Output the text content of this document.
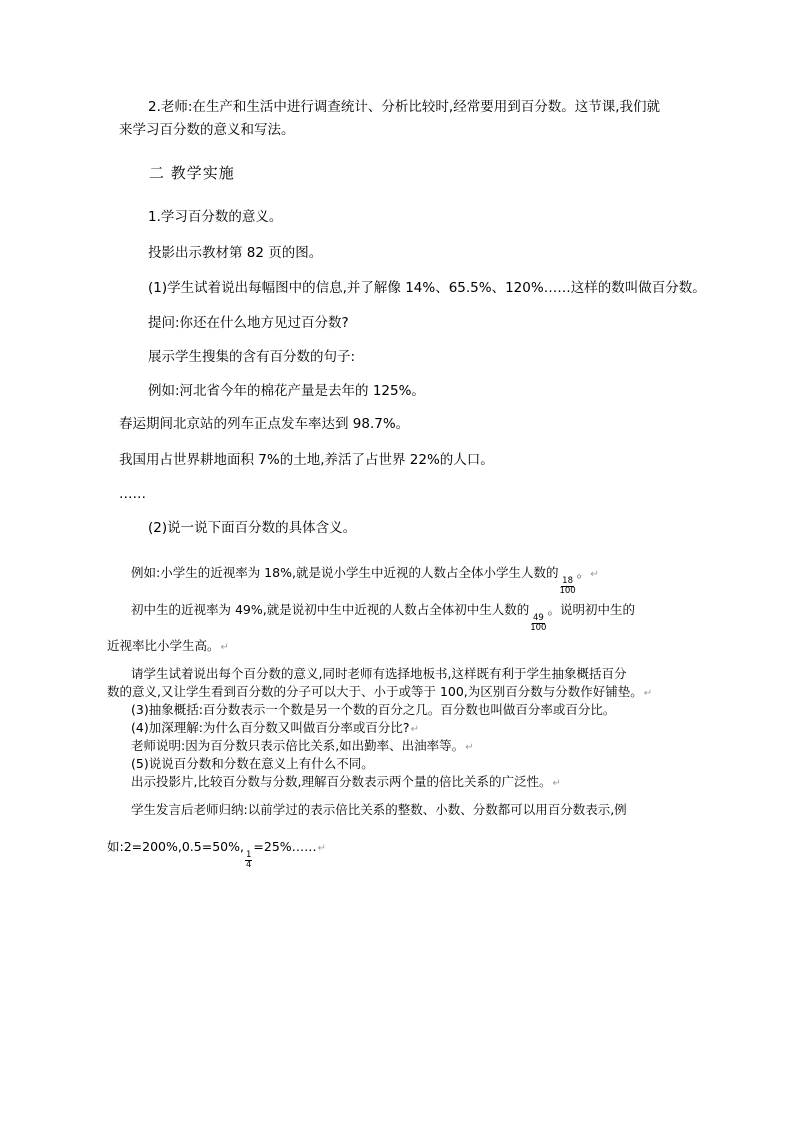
2.老师:在生产和生活中进行调查统计、分析比较时,经常要用到百分数。这节课,我们就
来学习百分数的意义和写法。
二 教学实施
1.学习百分数的意义。
投影出示教材第 82 页的图。
(1)学生试着说出每幅图中的信息,并了解像 14%、65.5%、120%……这样的数叫做百分数。
提问:你还在什么地方见过百分数?
展示学生搜集的含有百分数的句子:
例如:河北省今年的棉花产量是去年的 125%。
春运期间北京站的列车正点发车率达到 98.7%。
我国用占世界耕地面积 7%的土地,养活了占世界 22%的人口。
……
(2)说一说下面百分数的具体含义。
例如:小学生的近视率为 18%,就是说小学生中近视的人数占全体小学生人数的
$\frac{18}{100}$
。↵
初中生的近视率为 49%,就是说初中生中近视的人数占全体初中生人数的
$\frac{49}{100}$
。说明初中生的
近视率比小学生高。↵
请学生试着说出每个百分数的意义,同时老师有选择地板书,这样既有利于学生抽象概括百分
数的意义,又让学生看到百分数的分子可以大于、小于或等于 100,为区别百分数与分数作好铺垫。↵
(3)抽象概括:百分数表示一个数是另一个数的百分之几。百分数也叫做百分率或百分比。
(4)加深理解:为什么百分数又叫做百分率或百分比?↵
老师说明:因为百分数只表示倍比关系,如出勤率、出油率等。↵
(5)说说百分数和分数在意义上有什么不同。
出示投影片,比较百分数与分数,理解百分数表示两个量的倍比关系的广泛性。↵
学生发言后老师归纳:以前学过的表示倍比关系的整数、小数、分数都可以用百分数表示,例
如:2=200%,0.5=50%,
$\frac{1}{4}$
=25%……↵
